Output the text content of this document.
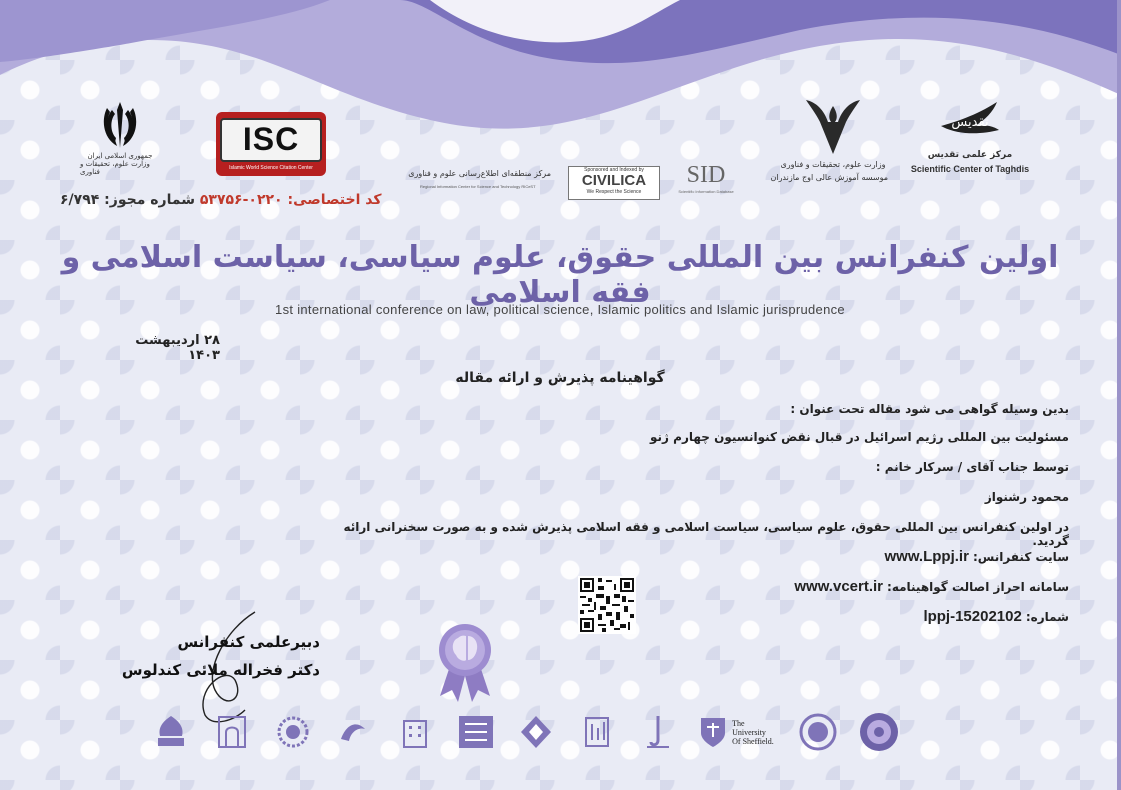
جمهوری اسلامی ایران
وزارت علوم، تحقیقات و فناوری
ISC
Islamic World Science Citation Center
مرکز منطقه‌ای اطلاع‌رسانی علوم و فناوری
Regional Information Center for Science and Technology RICeST
Sponsored and Indexed by
CIVILICA
We Respect the Science
SID
Scientific Information Database
وزارت علوم، تحقیقات و فناوری
موسسه آموزش عالی اوج مازندران
تقدیس
مرکز علمی تقدیس
Scientific Center of Taghdis
کد اختصاصی: ۰۲۲۰-۵۳۷۵۶ شماره مجوز: ۶/۷۹۴
اولین کنفرانس بین المللی حقوق، علوم سیاسی، سیاست اسلامی و فقه اسلامی
1st international conference on law, political science, Islamic politics and Islamic jurisprudence
۲۸ اردیبهشت ۱۴۰۳
گواهینامه پذیرش و ارائه مقاله
بدین وسیله گواهی می شود مقاله تحت عنوان :
مسئولیت بین المللی رژیم اسرائیل در قبال نقض کنوانسیون چهارم ژنو
توسط جناب آقای / سرکار خانم :
محمود رشنواز
در اولین کنفرانس بین المللی حقوق، علوم سیاسی، سیاست اسلامی و فقه اسلامی پذیرش شده و به صورت سخنرانی ارائه گردید.
سایت کنفرانس:
www.Lppj.ir
سامانه احراز اصالت گواهینامه:
www.vcert.ir
شماره:
lppj-15202102
دبیرعلمی کنفرانس
دکتر فخراله ملائی کندلوس
The University Of Sheffield.
